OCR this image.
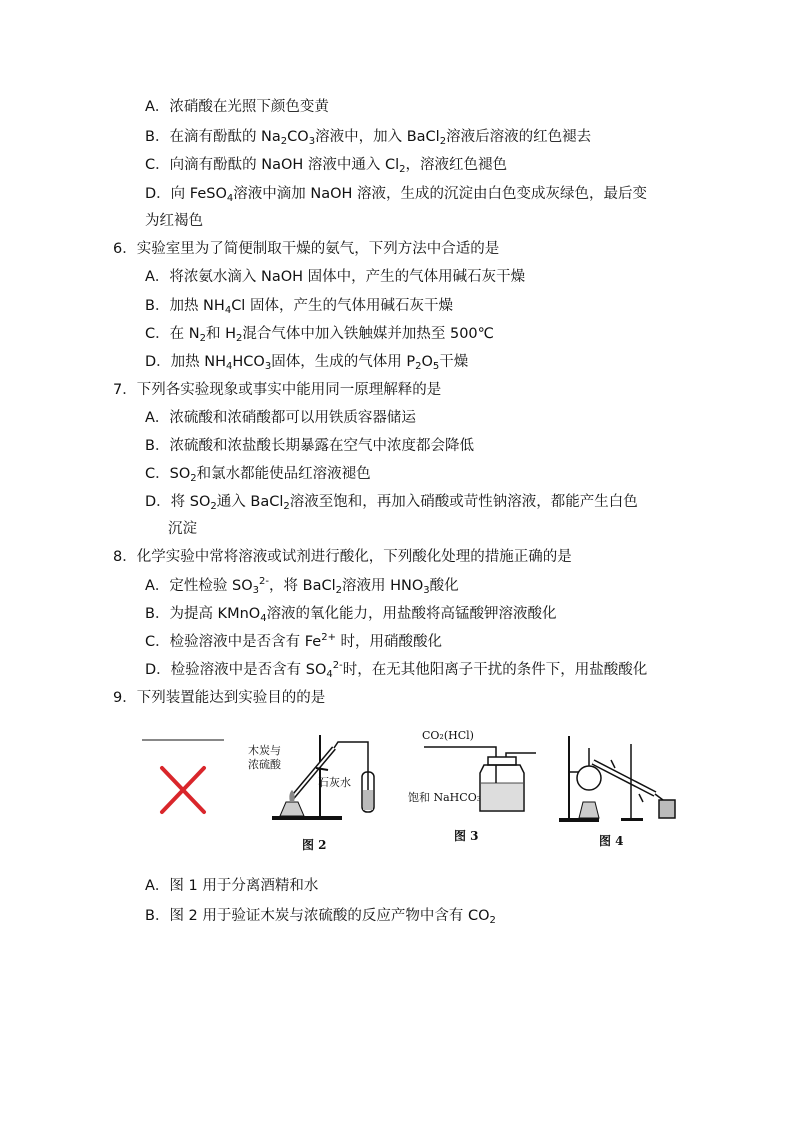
A．浓硝酸在光照下颜色变黄
B．在滴有酚酞的 $Na_2CO_3$溶液中，加入 BaCl$_2$溶液后溶液的红色褪去
C．向滴有酚酞的 NaOH 溶液中通入 $Cl_2$，溶液红色褪色
D．向 FeSO$_4$溶液中滴加 NaOH 溶液，生成的沉淀由白色变成灰绿色，最后变
为红褐色
6．实验室里为了简便制取干燥的氨气，下列方法中合适的是
A．将浓氨水滴入 NaOH 固体中，产生的气体用碱石灰干燥
B．加热 $NH_4Cl$ 固体，产生的气体用碱石灰干燥
C．在 $N_2$和 $H_2$混合气体中加入铁触媒并加热至 500℃
D．加热 $NH_4HCO_3$固体，生成的气体用 $P_2O_5$干燥
7．下列各实验现象或事实中能用同一原理解释的是
A．浓硫酸和浓硝酸都可以用铁质容器储运
B．浓硫酸和浓盐酸长期暴露在空气中浓度都会降低
C．$SO_2$和氯水都能使品红溶液褪色
D．将 $SO_2$通入 BaCl$_2$溶液至饱和，再加入硝酸或苛性钠溶液，都能产生白色
沉淀
8．化学实验中常将溶液或试剂进行酸化，下列酸化处理的措施正确的是
A．定性检验 $SO_3^{2-}$，将 BaCl$_2$溶液用 $HNO_3$酸化
B．为提高 KMnO$_4$溶液的氧化能力，用盐酸将高锰酸钾溶液酸化
C．检验溶液中是否含有 $Fe^{2+}$ 时，用硝酸酸化
D．检验溶液中是否含有 $SO_4^{2-}$时，在无其他阳离子干扰的条件下，用盐酸酸化
9．下列装置能达到实验目的的是
木炭与
浓硫酸
石灰水
图 2
CO₂(HCl)
饱和 NaHCO₃
图 3	图 4
A．图 1 用于分离酒精和水
B．图 2 用于验证木炭与浓硫酸的反应产物中含有 $CO_2$
